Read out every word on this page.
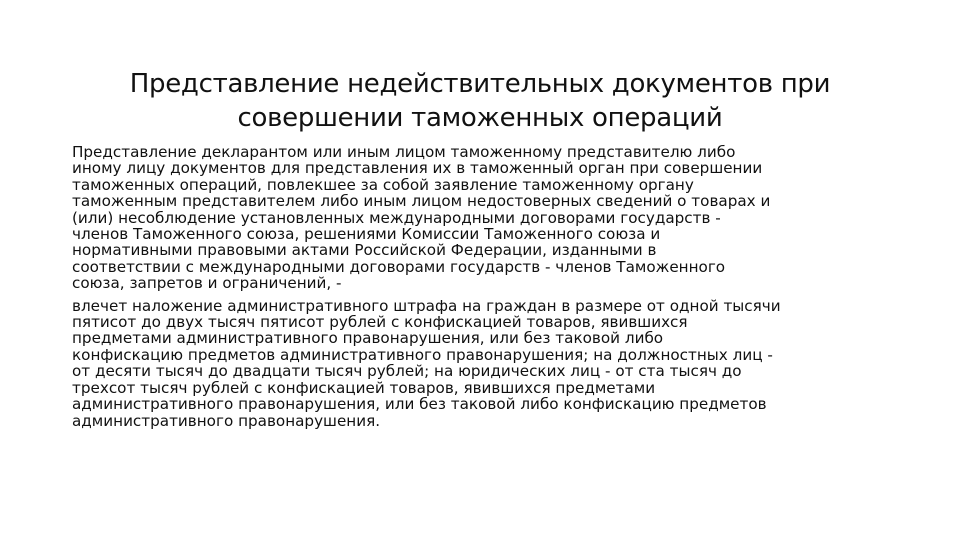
Представление недействительных документов при
совершении таможенных операций

Представление декларантом или иным лицом таможенному представителю либо
иному лицу документов для представления их в таможенный орган при совершении
таможенных операций, повлекшее за собой заявление таможенному органу
таможенным представителем либо иным лицом недостоверных сведений о товарах и
(или) несоблюдение установленных международными договорами государств -
членов Таможенного союза, решениями Комиссии Таможенного союза и
нормативными правовыми актами Российской Федерации, изданными в
соответствии с международными договорами государств - членов Таможенного
союза, запретов и ограничений, -

влечет наложение административного штрафа на граждан в размере от одной тысячи
пятисот до двух тысяч пятисот рублей с конфискацией товаров, явившихся
предметами административного правонарушения, или без таковой либо
конфискацию предметов административного правонарушения; на должностных лиц -
от десяти тысяч до двадцати тысяч рублей; на юридических лиц - от ста тысяч до
трехсот тысяч рублей с конфискацией товаров, явившихся предметами
административного правонарушения, или без таковой либо конфискацию предметов
административного правонарушения.
